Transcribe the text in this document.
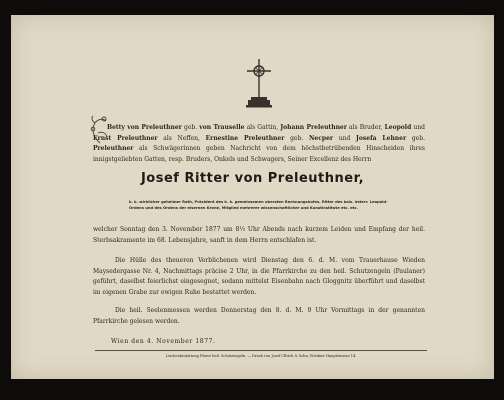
Betty von Preleuthner geb. von Trauselle als Gattin, Johann Preleuthner als Bruder, Leopold und Ernst Preleuthner als Neffen, Ernestine Preleuthner geb. Necper und Josefa Lehner geb. Preleuthner als Schwägerinnen geben Nachricht von dem höchstbetrübenden Hinscheiden ihres innigstgeliebten Gatten, resp. Bruders, Onkels und Schwagers, Seiner Excellenz des Herrn

Josef Ritter von Preleuthner,

k. k. wirklicher geheimer Rath, Präsident des k. k. gemeinsamen obersten Rechnungshofes, Ritter des kais. österr. Leopold-Ordens und des Ordens der eisernen Krone, Mitglied mehrerer wissenschaftlicher und Kunstinstitute etc. etc.

welcher Sonntag den 3. November 1877 um 8½ Uhr Abends nach kurzem Leiden und Empfang der heil. Sterbsakramente im 68. Lebensjahre, sanft in dem Herrn entschlafen ist.

Die Hülle des theueren Verblichenen wird Dienstag den 6. d. M. vom Trauerhause Wieden Maysedergasse Nr. 4, Nachmittags präcise 2 Uhr, in die Pfarrkirche zu den heil. Schutzengeln (Paulaner) geführt, daselbst feierlichst eingesegnet, sodann mittelst Eisenbahn nach Gloggnitz überführt und daselbst im eigenen Grabe zur ewigen Ruhe bestattet werden.

Die heil. Seelenmessen werden Donnerstag den 8. d. M. 9 Uhr Vormittags in der genannten Pfarrkirche gelesen werden.

Wien den 4. November 1877.

Leichenbestattung Pfarre heil. Schutzengeln. — Druck von Josef Ullrich & Sohn, Wiedner Hauptstrasse 14.
